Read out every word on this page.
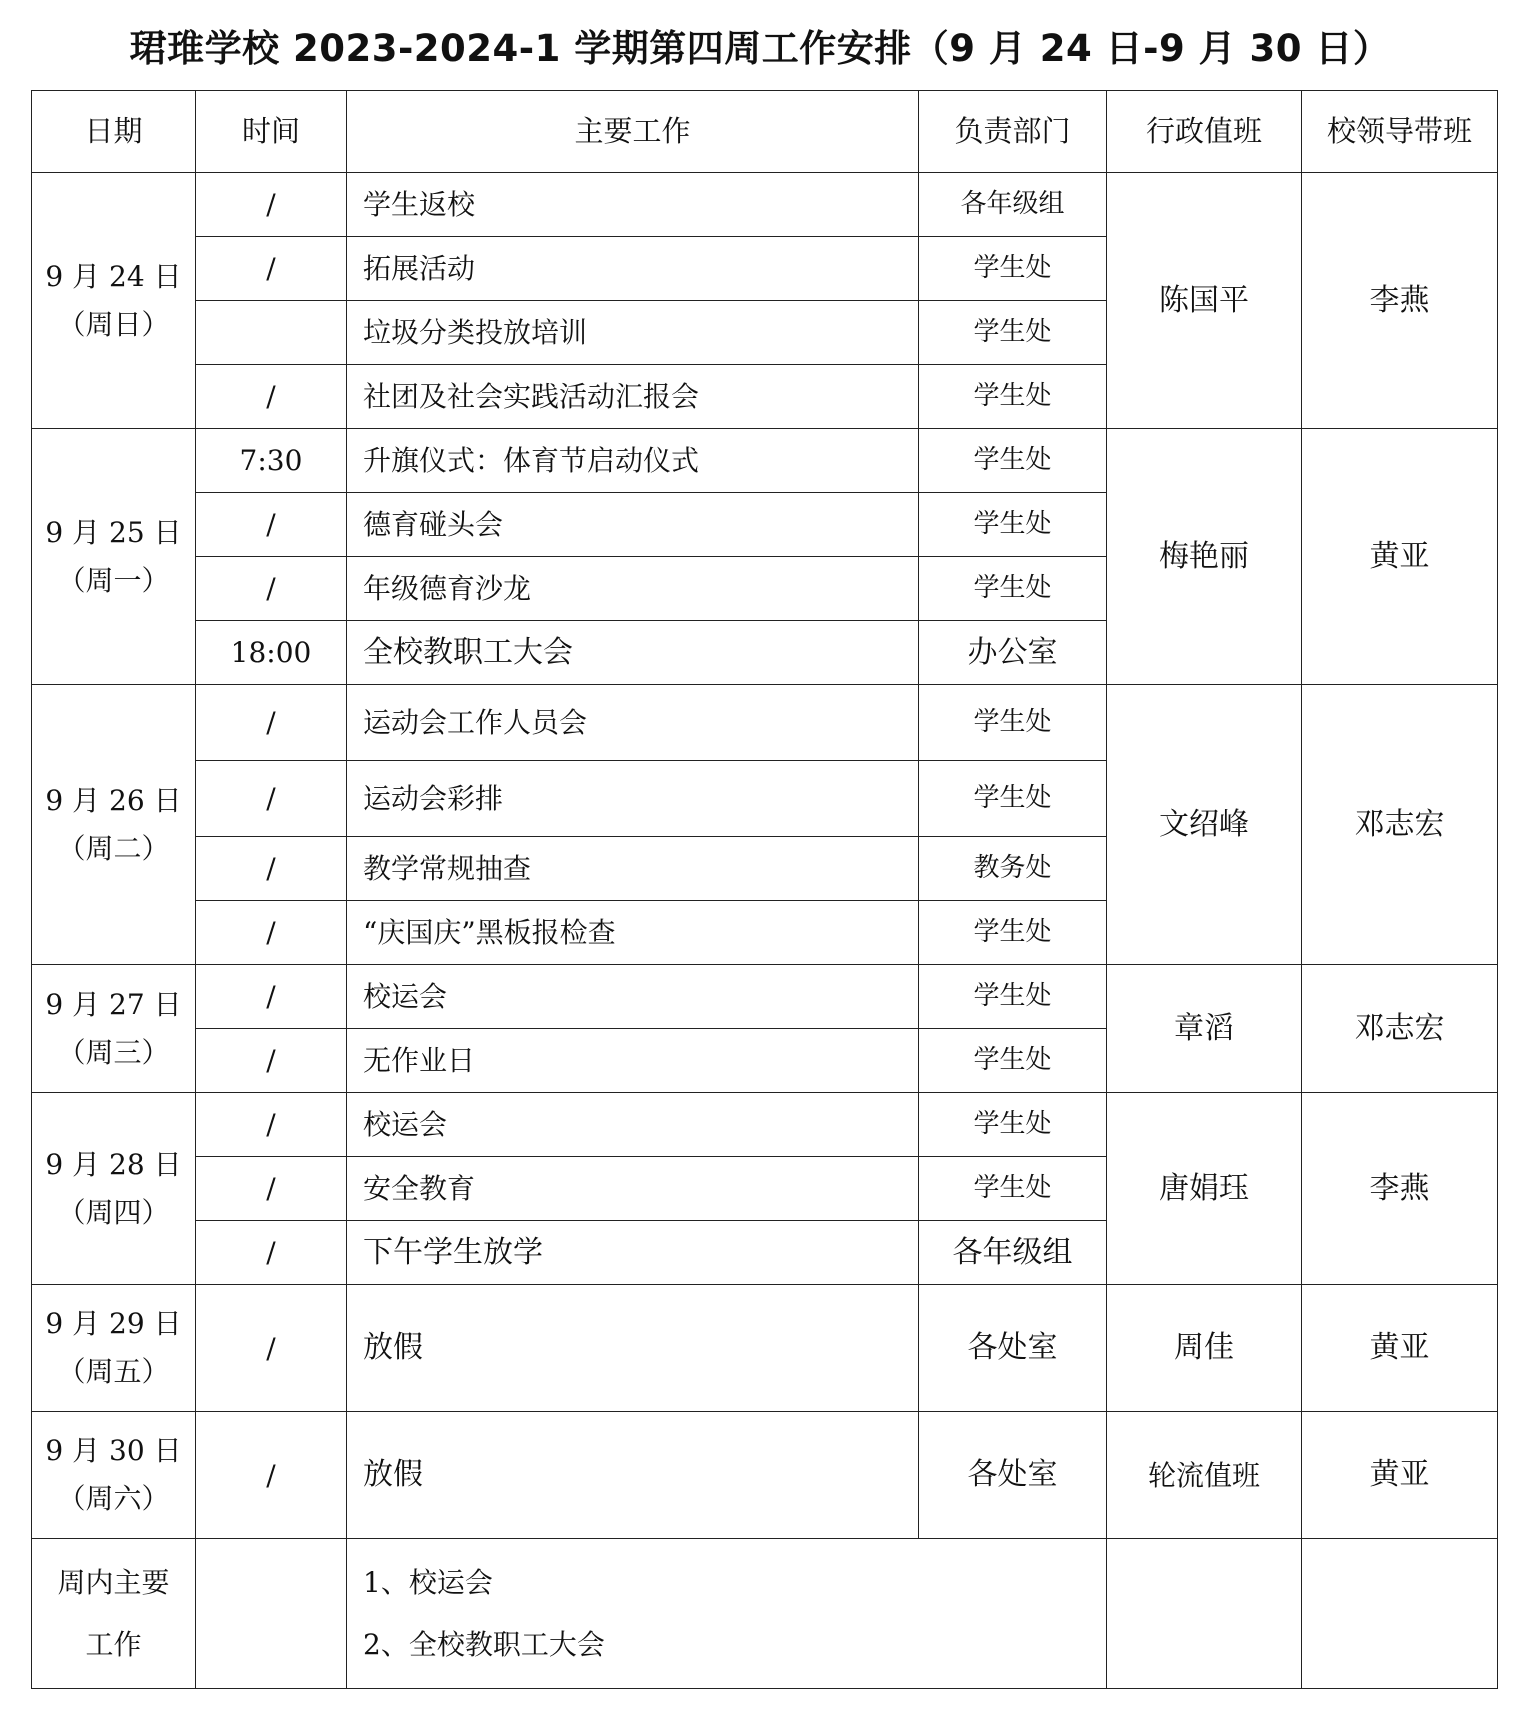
珺琟学校 2023-2024-1 学期第四周工作安排（9 月 24 日-9 月 30 日）
日期	时间	主要工作	负责部门	行政值班	校领导带班

9 月 24 日
（周日）	/	学生返校	各年级组	陈国平	李燕
	/	拓展活动	学生处		
		垃圾分类投放培训	学生处		
	/	社团及社会实践活动汇报会	学生处		

9 月 25 日
（周一）	7:30	升旗仪式：体育节启动仪式	学生处	梅艳丽	黄亚
	/	德育碰头会	学生处		
	/	年级德育沙龙	学生处		
	18:00	全校教职工大会	办公室		

9 月 26 日
（周二）	/	运动会工作人员会	学生处	文绍峰	邓志宏
	/	运动会彩排	学生处		
	/	教学常规抽查	教务处		
	/	“庆国庆”黑板报检查	学生处		

9 月 27 日
（周三）	/	校运会	学生处	章滔	邓志宏
	/	无作业日	学生处		

9 月 28 日
（周四）	/	校运会	学生处	唐娟珏	李燕
	/	安全教育	学生处		
	/	下午学生放学	各年级组		

9 月 29 日
（周五）	/	放假	各处室	周佳	黄亚

9 月 30 日
（周六）	/	放假	各处室	轮流值班	黄亚

周内主要
工作		1、校运会
2、全校教职工大会			
